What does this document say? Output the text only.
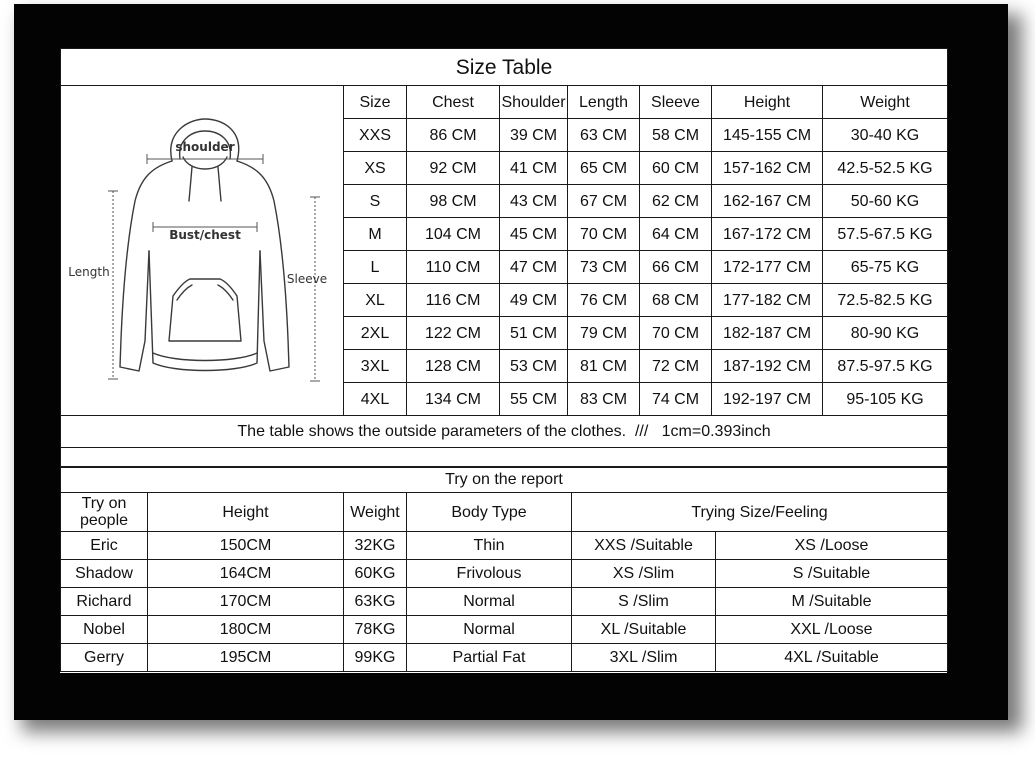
Size Table							

shoulder
Bust/chest
Length Sleeve	Size	Chest	Shoulder	Length	Sleeve	Height	Weight
	XXS	86 CM	39 CM	63 CM	58 CM	145-155 CM	30-40 KG
	XS	92 CM	41 CM	65 CM	60 CM	157-162 CM	42.5-52.5 KG
	S	98 CM	43 CM	67 CM	62 CM	162-167 CM	50-60 KG
	M	104 CM	45 CM	70 CM	64 CM	167-172 CM	57.5-67.5 KG
	L	110 CM	47 CM	73 CM	66 CM	172-177 CM	65-75 KG
	XL	116 CM	49 CM	76 CM	68 CM	177-182 CM	72.5-82.5 KG
	2XL	122 CM	51 CM	79 CM	70 CM	182-187 CM	80-90 KG
	3XL	128 CM	53 CM	81 CM	72 CM	187-192 CM	87.5-97.5 KG
	4XL	134 CM	55 CM	83 CM	74 CM	192-197 CM	95-105 KG
The table shows the outside parameters of the clothes.  ///   1cm=0.393inch							

Try on the report					
Try on people	Height	Weight	Body Type	Trying Size/Feeling	
Eric	150CM	32KG	Thin	XXS /Suitable	XS /Loose
Shadow	164CM	60KG	Frivolous	XS /Slim	S /Suitable
Richard	170CM	63KG	Normal	S /Slim	M /Suitable
Nobel	180CM	78KG	Normal	XL /Suitable	XXL /Loose
Gerry	195CM	99KG	Partial Fat	3XL /Slim	4XL /Suitable
